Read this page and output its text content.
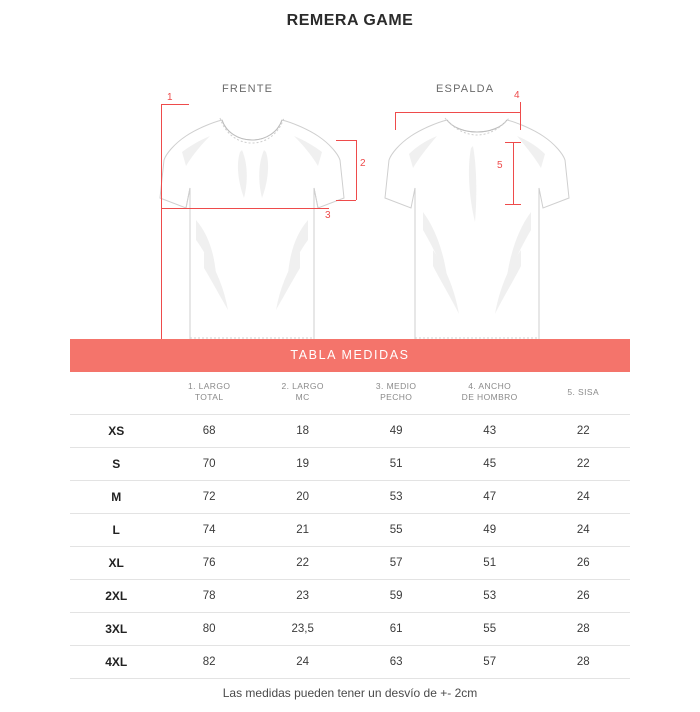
REMERA GAME
FRENTE	ESPALDA
1
2
3
4
5
TABLA MEDIDAS

1. LARGO
TOTAL

2. LARGO
MC

3. MEDIO
PECHO

4. ANCHO
DE HOMBRO

5. SISA

XS	68	18	49	43	22
S	70	19	51	45	22
M	72	20	53	47	24
L	74	21	55	49	24
XL	76	22	57	51	26
2XL	78	23	59	53	26
3XL	80	23,5	61	55	28
4XL	82	24	63	57	28
Las medidas pueden tener un desvío de +- 2cm
